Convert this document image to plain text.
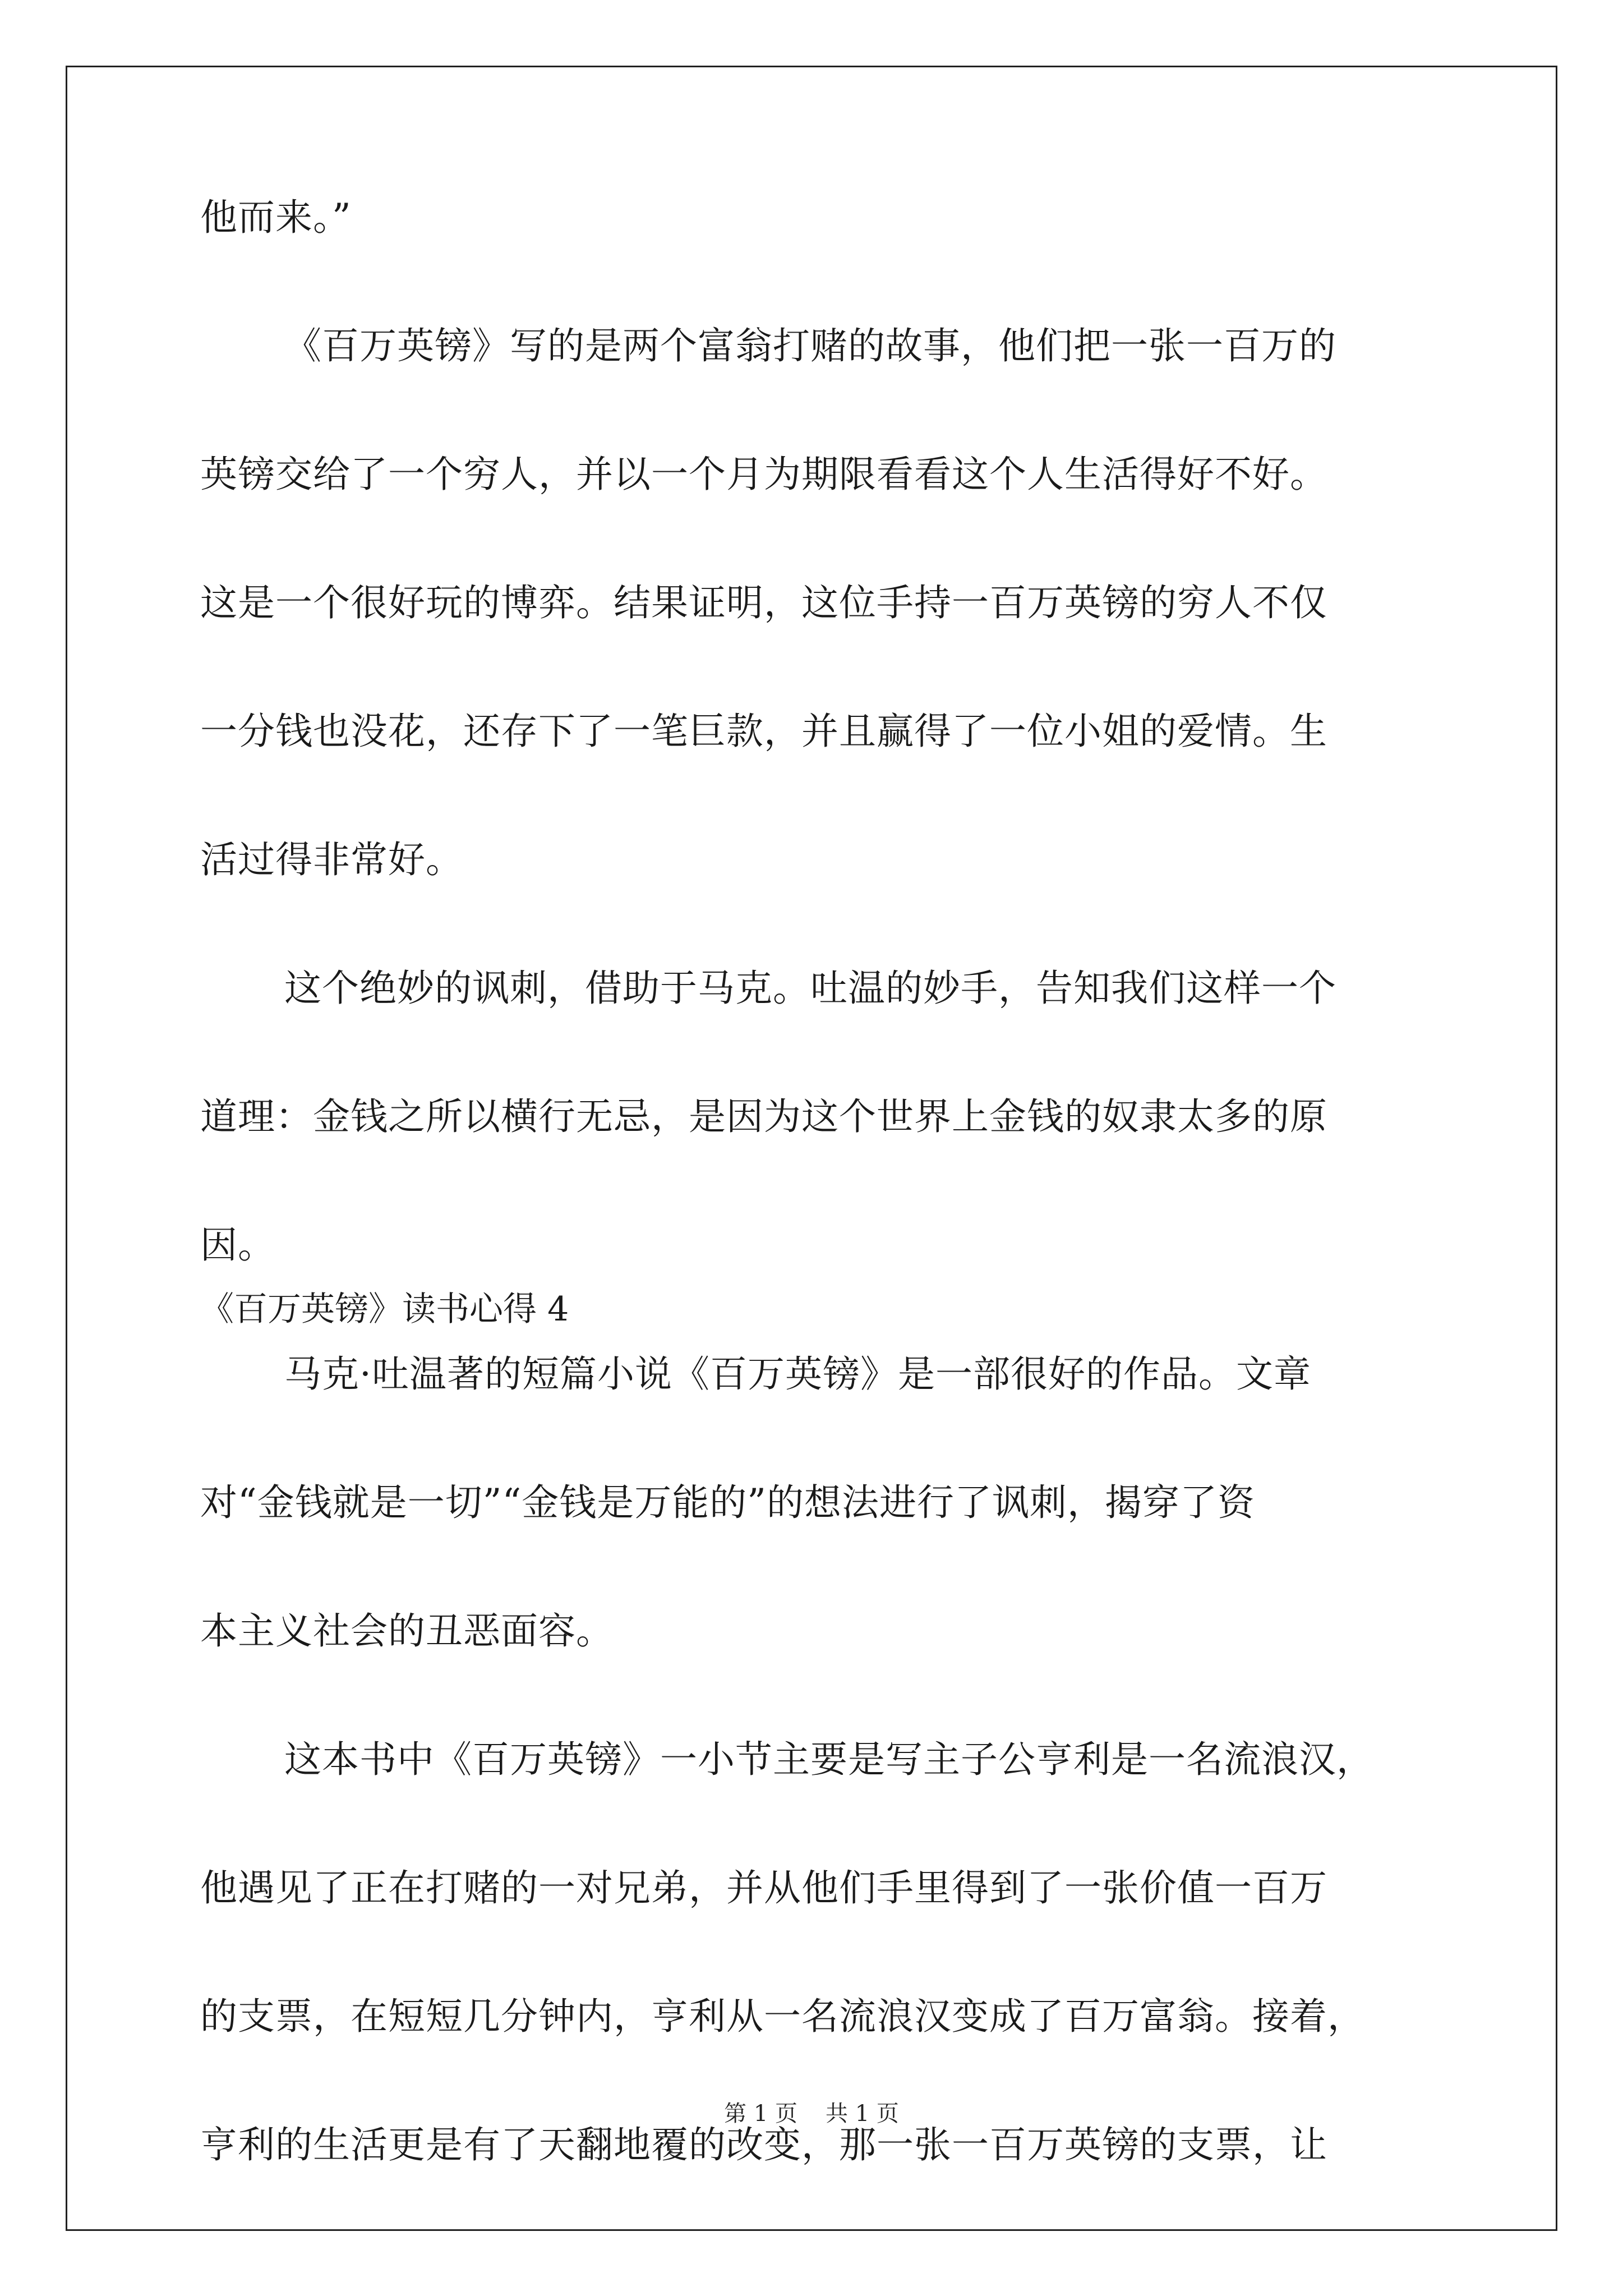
他而来。”
《百万英镑》写的是两个富翁打赌的故事，他们把一张一百万的
英镑交给了一个穷人，并以一个月为期限看看这个人生活得好不好。
这是一个很好玩的博弈。结果证明，这位手持一百万英镑的穷人不仅
一分钱也没花，还存下了一笔巨款，并且赢得了一位小姐的爱情。生
活过得非常好。
这个绝妙的讽刺，借助于马克。吐温的妙手，告知我们这样一个
道理：金钱之所以横行无忌，是因为这个世界上金钱的奴隶太多的原
因。
《百万英镑》读书心得 4
马克·吐温著的短篇小说《百万英镑》是一部很好的作品。文章
对“金钱就是一切”“金钱是万能的”的想法进行了讽刺，揭穿了资
本主义社会的丑恶面容。
这本书中《百万英镑》一小节主要是写主子公亨利是一名流浪汉，
他遇见了正在打赌的一对兄弟，并从他们手里得到了一张价值一百万
的支票，在短短几分钟内，亨利从一名流浪汉变成了百万富翁。接着，
亨利的生活更是有了天翻地覆的改变，那一张一百万英镑的支票，让
第 1 页 共 1 页
